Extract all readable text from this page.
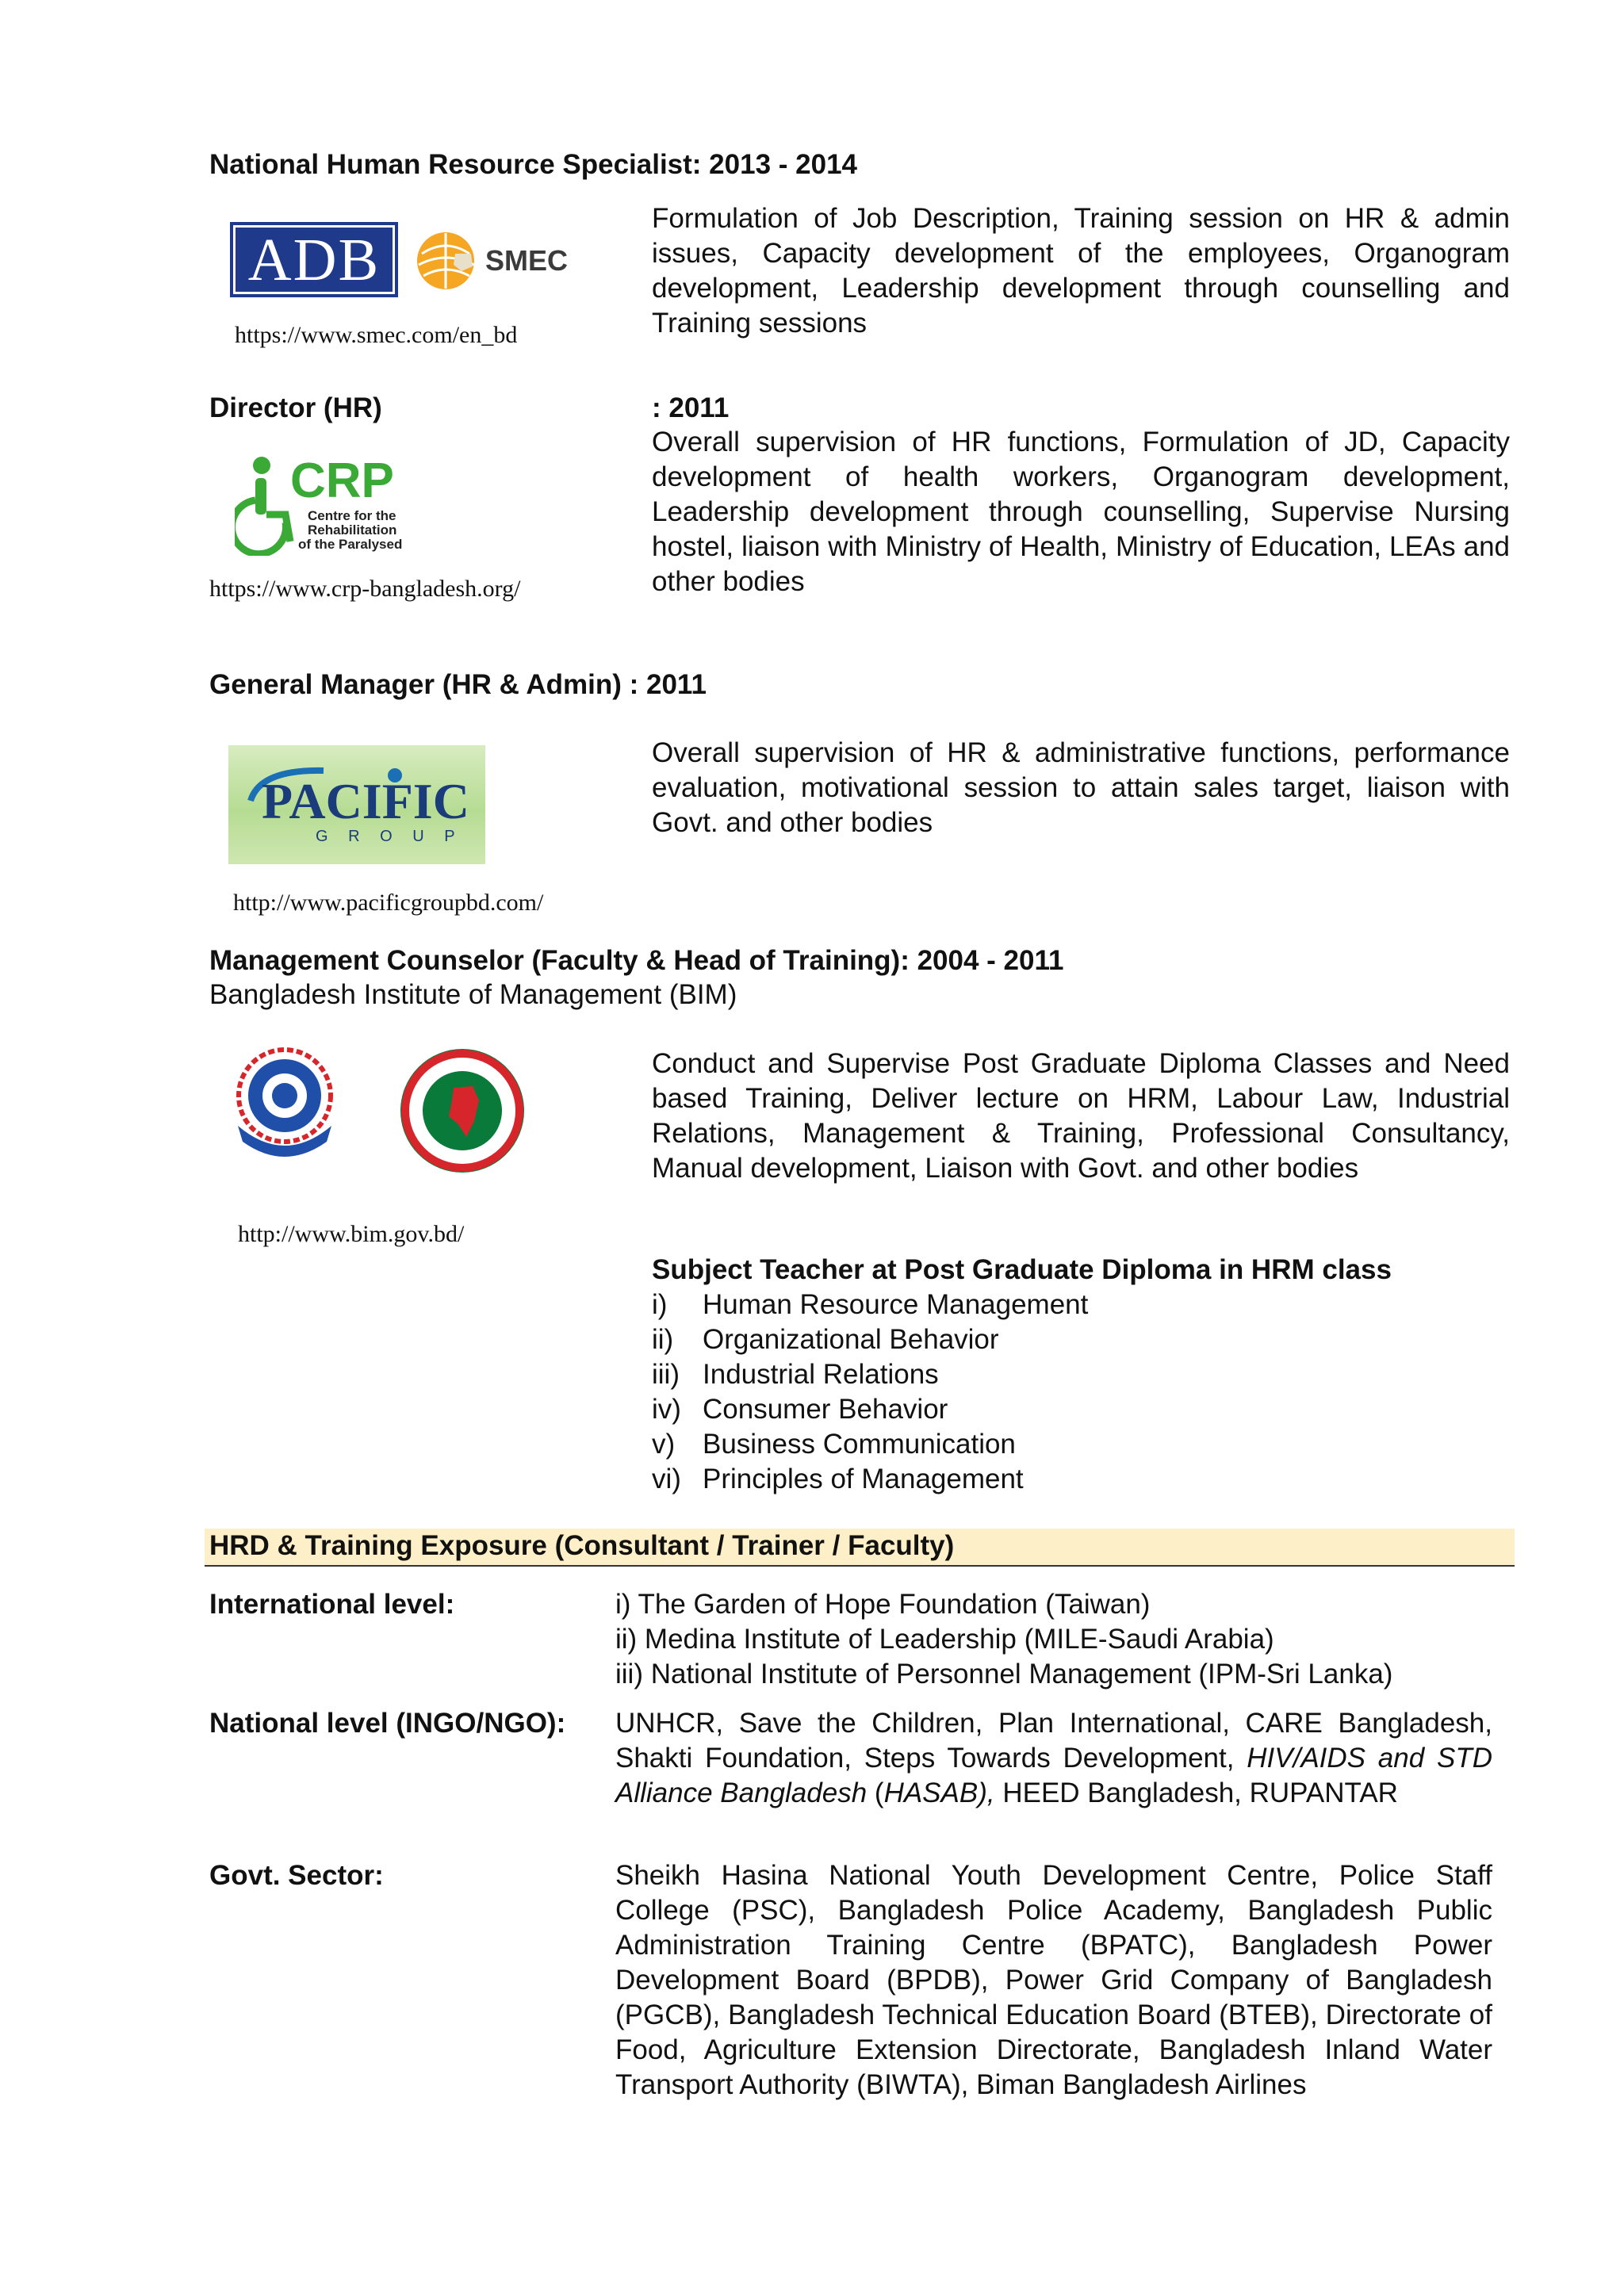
National Human Resource Specialist: 2013 - 2014
ADB	SMEC
https://www.smec.com/en_bd
Formulation of Job Description, Training session on HR & admin issues, Capacity development of the employees, Organogram development, Leadership development through counselling and Training sessions
Director (HR)	: 2011
CRP
Centre for the
Rehabilitation
of the Paralysed
https://www.crp-bangladesh.org/
Overall supervision of HR functions, Formulation of JD, Capacity development of health workers, Organogram development, Leadership development through counselling, Supervise Nursing hostel, liaison with Ministry of Health, Ministry of Education, LEAs and other bodies
General Manager (HR & Admin) : 2011
PACIFIC
G R O U P
http://www.pacificgroupbd.com/
Overall supervision of HR & administrative functions, performance evaluation, motivational session to attain sales target, liaison with Govt. and other bodies
Management Counselor (Faculty & Head of Training): 2004 - 2011
Bangladesh Institute of Management (BIM)
http://www.bim.gov.bd/
Conduct and Supervise Post Graduate Diploma Classes and Need based Training, Deliver lecture on HRM, Labour Law, Industrial Relations, Management & Training, Professional Consultancy, Manual development, Liaison with Govt. and other bodies
Subject Teacher at Post Graduate Diploma in HRM class
i) Human Resource Management
ii) Organizational Behavior
iii) Industrial Relations
iv) Consumer Behavior
v) Business Communication
vi) Principles of Management
HRD & Training Exposure (Consultant / Trainer / Faculty)
International level:	i) The Garden of Hope Foundation (Taiwan)
ii) Medina Institute of Leadership (MILE-Saudi Arabia)
iii) National Institute of Personnel Management (IPM-Sri Lanka)
National level (INGO/NGO): UNHCR, Save the Children, Plan International, CARE Bangladesh, Shakti Foundation, Steps Towards Development, HIV/AIDS and STD Alliance Bangladesh (HASAB), HEED Bangladesh, RUPANTAR
Govt. Sector:	Sheikh Hasina National Youth Development Centre, Police Staff College (PSC), Bangladesh Police Academy, Bangladesh Public Administration Training Centre (BPATC), Bangladesh Power Development Board (BPDB), Power Grid Company of Bangladesh (PGCB), Bangladesh Technical Education Board (BTEB), Directorate of Food, Agriculture Extension Directorate, Bangladesh Inland Water Transport Authority (BIWTA), Biman Bangladesh Airlines
